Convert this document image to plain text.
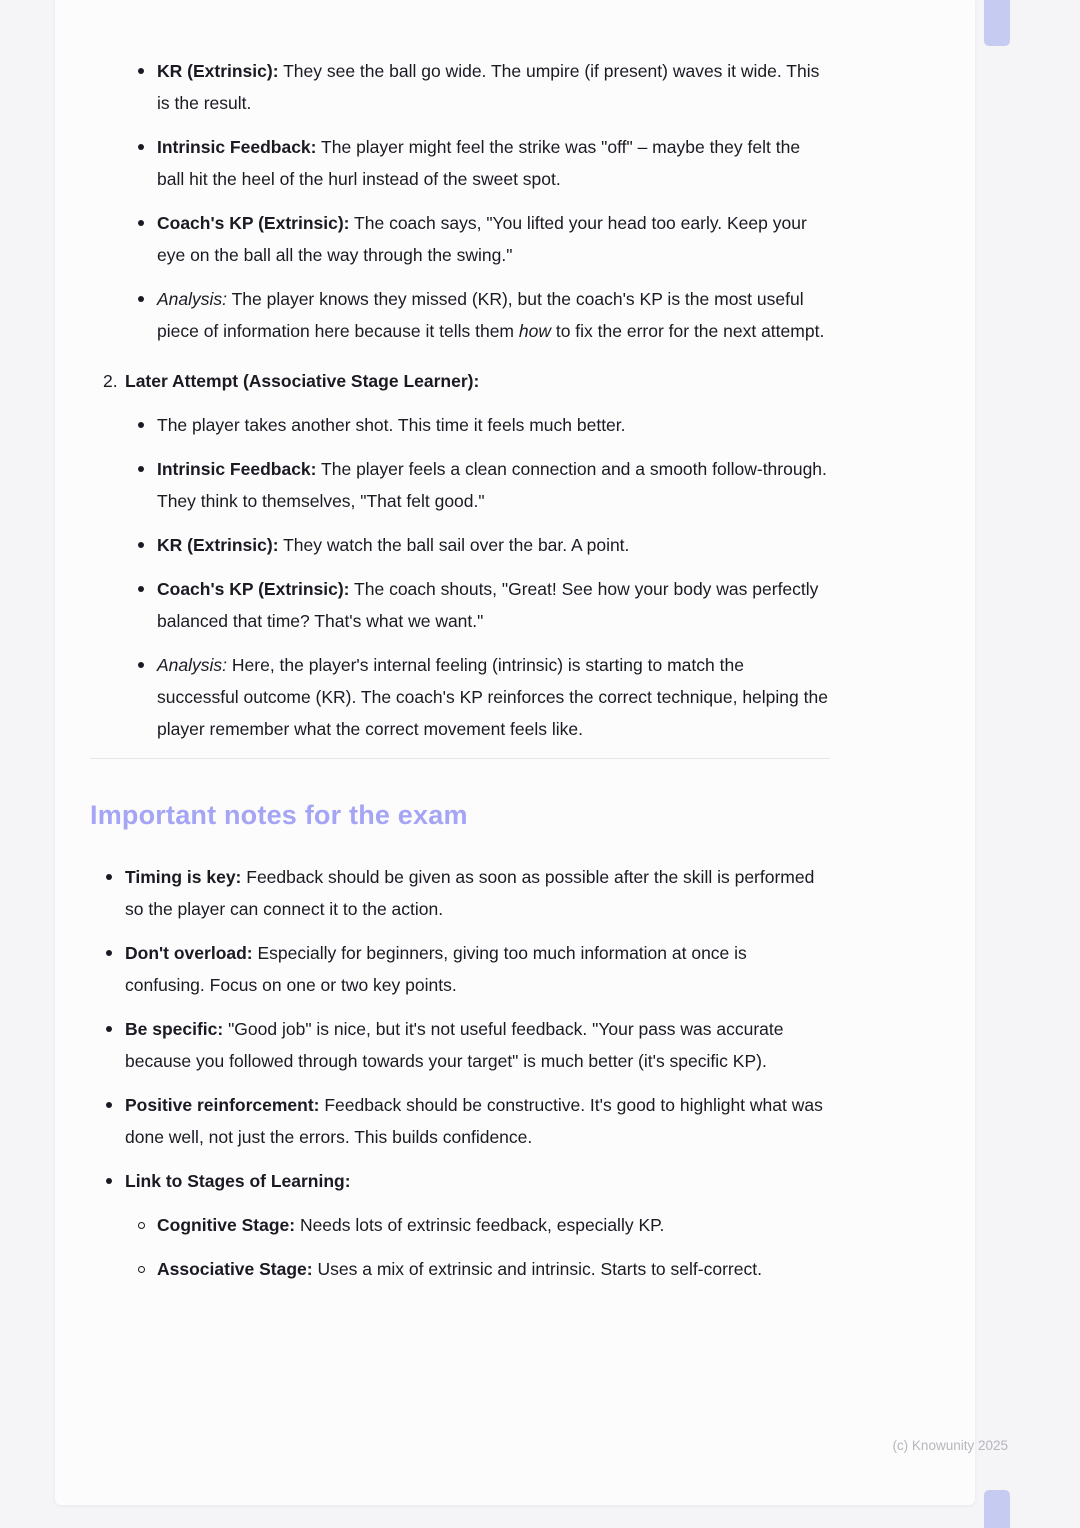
KR (Extrinsic): They see the ball go wide. The umpire (if present) waves it wide. This is the result.
Intrinsic Feedback: The player might feel the strike was "off" – maybe they felt the ball hit the heel of the hurl instead of the sweet spot.
Coach's KP (Extrinsic): The coach says, "You lifted your head too early. Keep your eye on the ball all the way through the swing."
Analysis: The player knows they missed (KR), but the coach's KP is the most useful piece of information here because it tells them how to fix the error for the next attempt.
2. Later Attempt (Associative Stage Learner):
The player takes another shot. This time it feels much better.
Intrinsic Feedback: The player feels a clean connection and a smooth follow-through. They think to themselves, "That felt good."
KR (Extrinsic): They watch the ball sail over the bar. A point.
Coach's KP (Extrinsic): The coach shouts, "Great! See how your body was perfectly balanced that time? That's what we want."
Analysis: Here, the player's internal feeling (intrinsic) is starting to match the successful outcome (KR). The coach's KP reinforces the correct technique, helping the player remember what the correct movement feels like.
Important notes for the exam
Timing is key: Feedback should be given as soon as possible after the skill is performed so the player can connect it to the action.
Don't overload: Especially for beginners, giving too much information at once is confusing. Focus on one or two key points.
Be specific: "Good job" is nice, but it's not useful feedback. "Your pass was accurate because you followed through towards your target" is much better (it's specific KP).
Positive reinforcement: Feedback should be constructive. It's good to highlight what was done well, not just the errors. This builds confidence.
Link to Stages of Learning:
Cognitive Stage: Needs lots of extrinsic feedback, especially KP.
Associative Stage: Uses a mix of extrinsic and intrinsic. Starts to self-correct.
(c) Knowunity 2025
